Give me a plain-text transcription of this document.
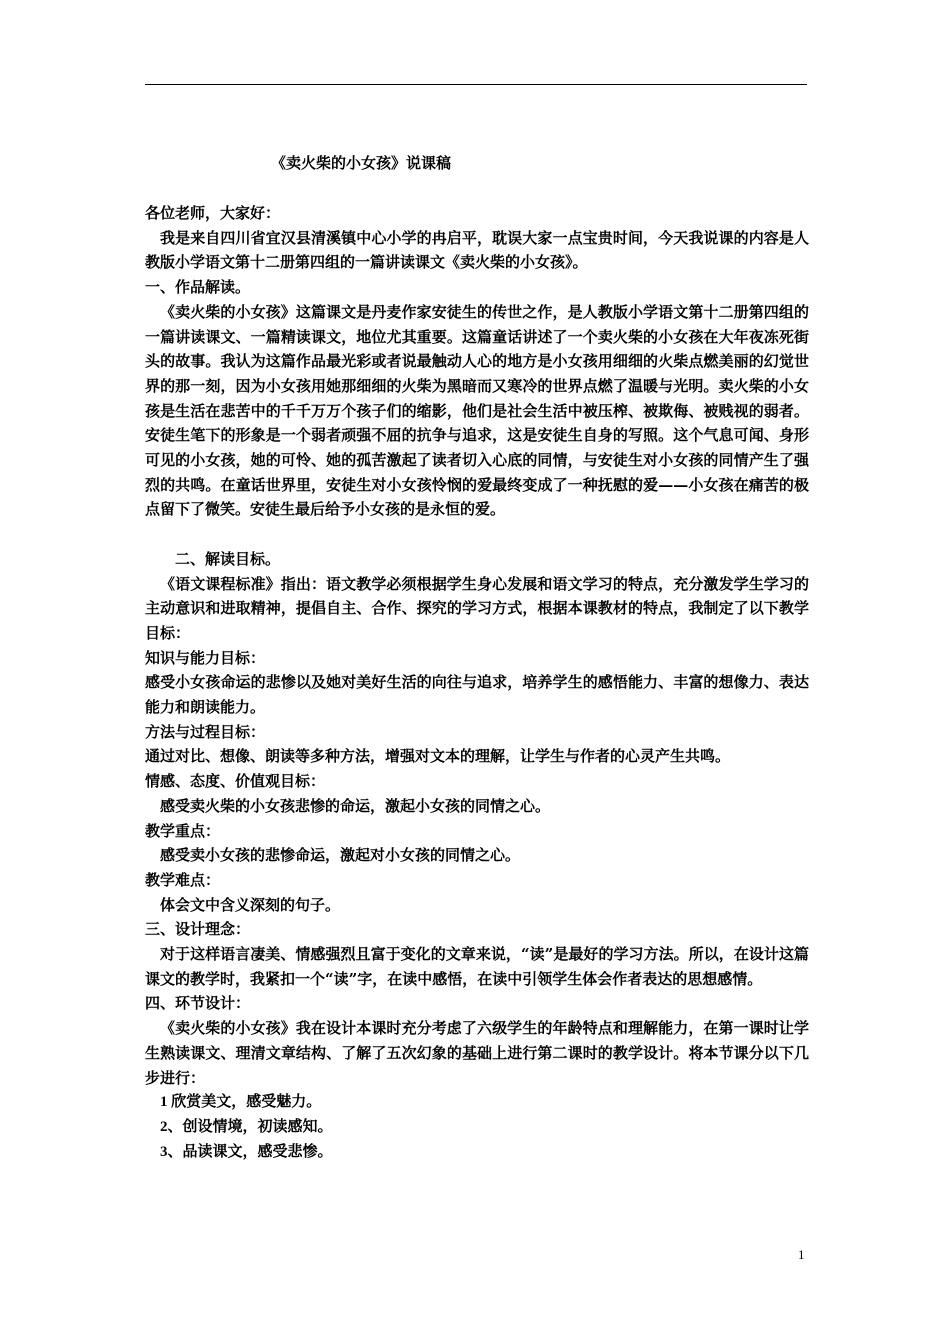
《卖火柴的小女孩》说课稿

各位老师，大家好：

我是来自四川省宜汉县清溪镇中心小学的冉启平，耽误大家一点宝贵时间，今天我说课的内容是人教版小学语文第十二册第四组的一篇讲读课文《卖火柴的小女孩》。

一、作品解读。

《卖火柴的小女孩》这篇课文是丹麦作家安徒生的传世之作，是人教版小学语文第十二册第四组的一篇讲读课文、一篇精读课文，地位尤其重要。这篇童话讲述了一个卖火柴的小女孩在大年夜冻死街头的故事。我认为这篇作品最光彩或者说最触动人心的地方是小女孩用细细的火柴点燃美丽的幻觉世界的那一刻，因为小女孩用她那细细的火柴为黑暗而又寒冷的世界点燃了温暖与光明。卖火柴的小女孩是生活在悲苦中的千千万万个孩子们的缩影，他们是社会生活中被压榨、被欺侮、被贱视的弱者。安徒生笔下的形象是一个弱者顽强不屈的抗争与追求，这是安徒生自身的写照。这个气息可闻、身形可见的小女孩，她的可怜、她的孤苦激起了读者切入心底的同情，与安徒生对小女孩的同情产生了强烈的共鸣。在童话世界里，安徒生对小女孩怜悯的爱最终变成了一种抚慰的爱——小女孩在痛苦的极点留下了微笑。安徒生最后给予小女孩的是永恒的爱。

二、解读目标。

《语文课程标准》指出：语文教学必须根据学生身心发展和语文学习的特点，充分激发学生学习的主动意识和进取精神，提倡自主、合作、探究的学习方式，根据本课教材的特点，我制定了以下教学目标：

知识与能力目标：

感受小女孩命运的悲惨以及她对美好生活的向往与追求，培养学生的感悟能力、丰富的想像力、表达能力和朗读能力。

方法与过程目标：

通过对比、想像、朗读等多种方法，增强对文本的理解，让学生与作者的心灵产生共鸣。

情感、态度、价值观目标：

感受卖火柴的小女孩悲惨的命运，激起小女孩的同情之心。

教学重点：

感受卖小女孩的悲惨命运，激起对小女孩的同情之心。

教学难点：

体会文中含义深刻的句子。

三、设计理念：

对于这样语言凄美、情感强烈且富于变化的文章来说，“读”是最好的学习方法。所以，在设计这篇课文的教学时，我紧扣一个“读”字，在读中感悟，在读中引领学生体会作者表达的思想感情。

四、环节设计：

《卖火柴的小女孩》我在设计本课时充分考虑了六级学生的年龄特点和理解能力，在第一课时让学生熟读课文、理清文章结构、了解了五次幻象的基础上进行第二课时的教学设计。将本节课分以下几步进行：

1 欣赏美文，感受魅力。

2、创设情境，初读感知。

3、品读课文，感受悲惨。

1
